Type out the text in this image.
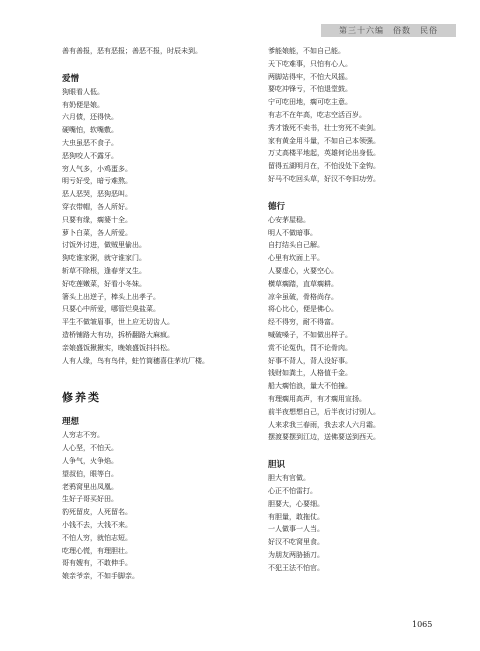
第三十六编　俗数　民俗
善有善报，恶有恶报；善恶不报，时辰未到。
爱憎
狗眼看人低。
有奶便是娘。
六月债，还得快。
硬嘴怕，软嘴敷。
大虫虽恶不食子。
恶狗咬人不露牙。
穷人气多，小鸡蛋多。
明亏好受，暗亏难熬。
恶人恶哭，恶狗恶叫。
穿衣带帽，各人所好。
只要有缘，瘸婆十全。
萝卜白菜，各人所爱。
讨饭外讨进，做贼里偷出。
狗吃谁家粥，就守谁家门。
斩草不除根，逢春芽又生。
好吃莲嫩菜，好看小冬妹。
箸头上出逆子，棒头上出孝子。
只要心中所爱，哪管烂臭盐菜。
平生不做皱眉事，世上应无切齿人。
造桥铺路大有功，拆桥翻路大麻疯。
亲娘盛饭揪揪实，晚娘盛饭抖抖松。
人有人缘，鸟有鸟伴，蛀竹筒穗喜住茅坑厂楼。
修养类
理想
人穷志不穷。
人心坚，不怕天。
人争气，火争焰。
望叔伯，眼等白。
老鸦窝里出凤凰。
生好子哥买好田。
豹死留皮，人死留名。
小钱不去，大钱不来。
不怕人穷，就怕志短。
吃理心慌，有理胆壮。
哥有嫂有，不敢伸手。
娘亲爷亲，不如手脚亲。
爹能娘能，不如自己能。
天下吃难事，只怕有心人。
两脚站得牢，不怕大风摇。
要吃冲锋亏，不怕退堂鼓。
宁可吃田地，瘸可吃主意。
有志不在年高，吃志空活百岁。
秀才饿死不卖书，壮士穷死不卖剑。
家有黄金用斗量，不如自己本领强。
万丈高楼平地起，英雄何论出身低。
留得五湖明月在，不怕没处下金钩。
好马不吃回头草，好汉不夸旧功劳。
德行
心安茅屋稳。
明人不做暗事。
自打结头自己解。
心里有坎面上平。
人要虚心，火要空心。
横草瘸踏，直草瘸耕。
凉伞虽破，骨格尚存。
将心比心，便是佛心。
经不得穷，耐不得富。
喊破嗓子，不如做出样子。
赏不论冤仇，罚不论骨肉。
好事不背人，背人没好事。
钱财如粪土，人格值千金。
船大瘸怕浪，量大不怕撞。
有理瘸用高声，有才瘸用宣扬。
前半夜想想自己，后半夜讨讨别人。
人来求我三春雨，我去求人六月霜。
摆渡要摆到江边，送佛要送到西天。
胆识
胆大有官做。
心正不怕雷打。
胆要大，心要细。
有胆量，敢拖仗。
一人做事一人当。
好汉不吃窝里食。
为朋友两胁插刀。
不犯王法不怕官。
1065
